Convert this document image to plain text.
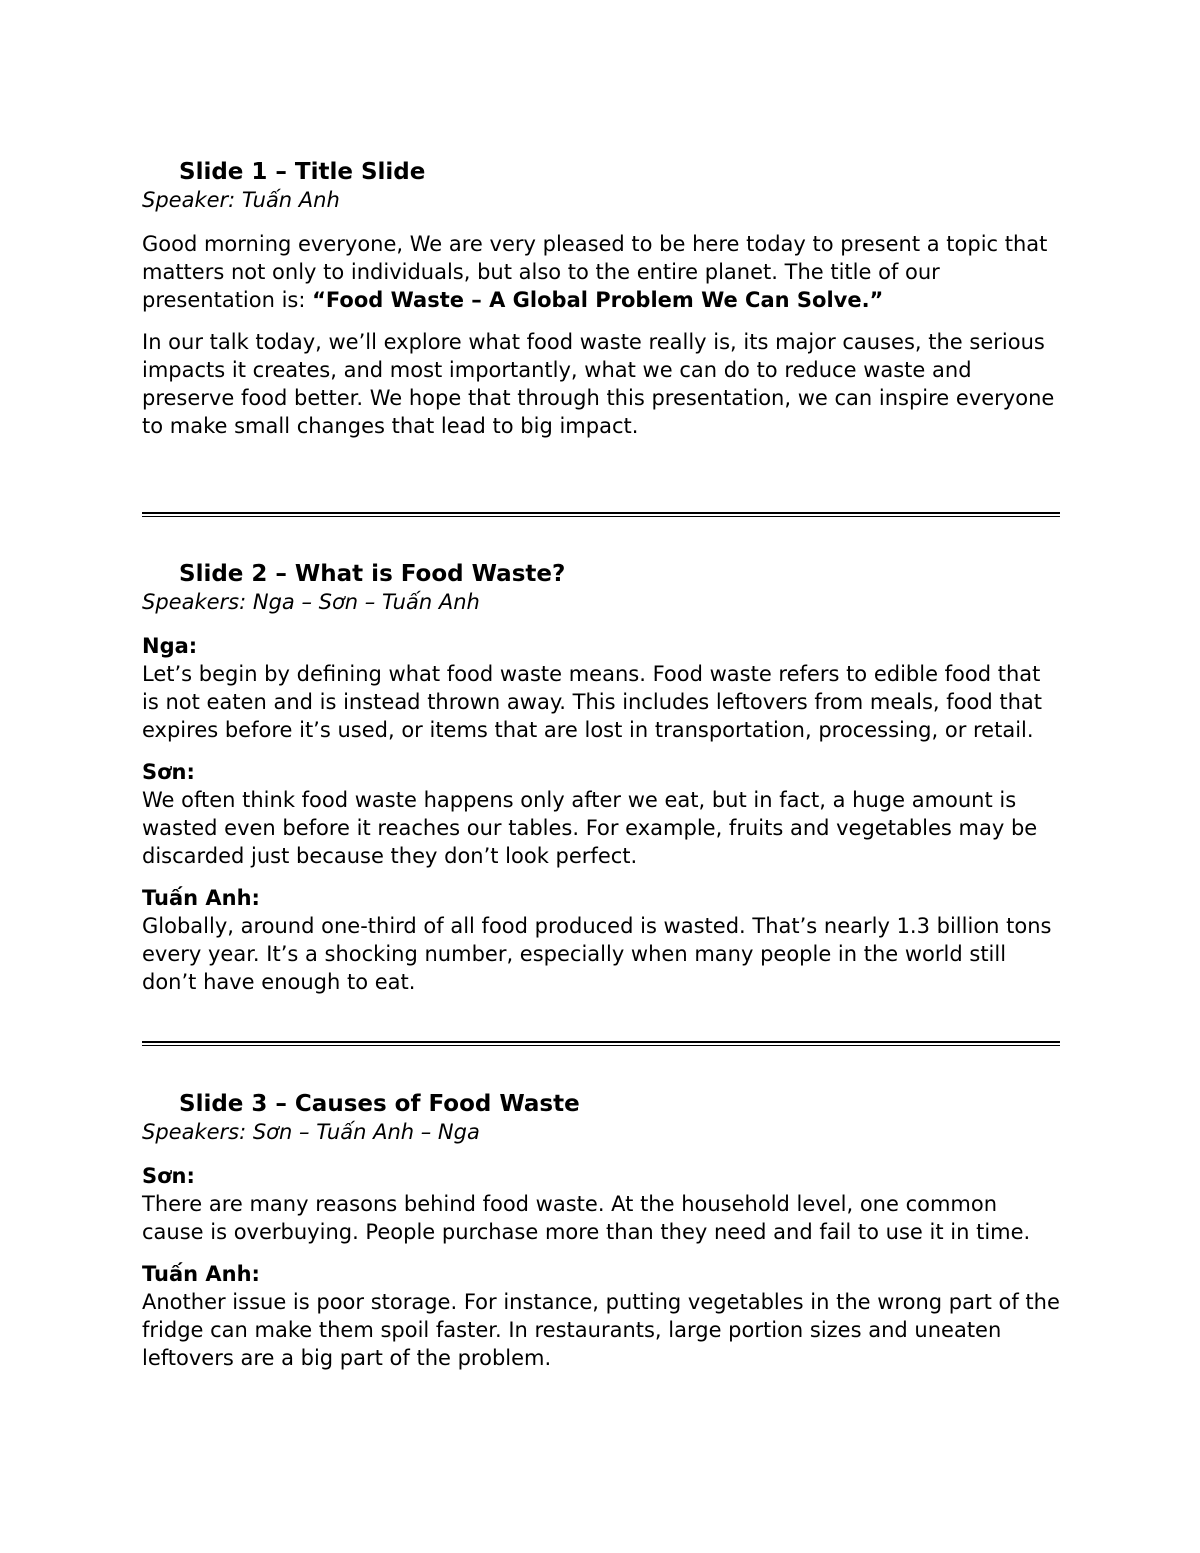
Slide 1 – Title Slide

Speaker: Tuấn Anh

Good morning everyone, We are very pleased to be here today to present a topic that matters not only to individuals, but also to the entire planet. The title of our presentation is: “Food Waste – A Global Problem We Can Solve.”

In our talk today, we’ll explore what food waste really is, its major causes, the serious impacts it creates, and most importantly, what we can do to reduce waste and preserve food better. We hope that through this presentation, we can inspire everyone to make small changes that lead to big impact.

Slide 2 – What is Food Waste?

Speakers: Nga – Sơn – Tuấn Anh

Nga:

Let’s begin by defining what food waste means. Food waste refers to edible food that is not eaten and is instead thrown away. This includes leftovers from meals, food that expires before it’s used, or items that are lost in transportation, processing, or retail.

Sơn:

We often think food waste happens only after we eat, but in fact, a huge amount is wasted even before it reaches our tables. For example, fruits and vegetables may be discarded just because they don’t look perfect.

Tuấn Anh:

Globally, around one-third of all food produced is wasted. That’s nearly 1.3 billion tons every year. It’s a shocking number, especially when many people in the world still don’t have enough to eat.

Slide 3 – Causes of Food Waste

Speakers: Sơn – Tuấn Anh – Nga

Sơn:

There are many reasons behind food waste. At the household level, one common cause is overbuying. People purchase more than they need and fail to use it in time.

Tuấn Anh:

Another issue is poor storage. For instance, putting vegetables in the wrong part of the fridge can make them spoil faster. In restaurants, large portion sizes and uneaten leftovers are a big part of the problem.
